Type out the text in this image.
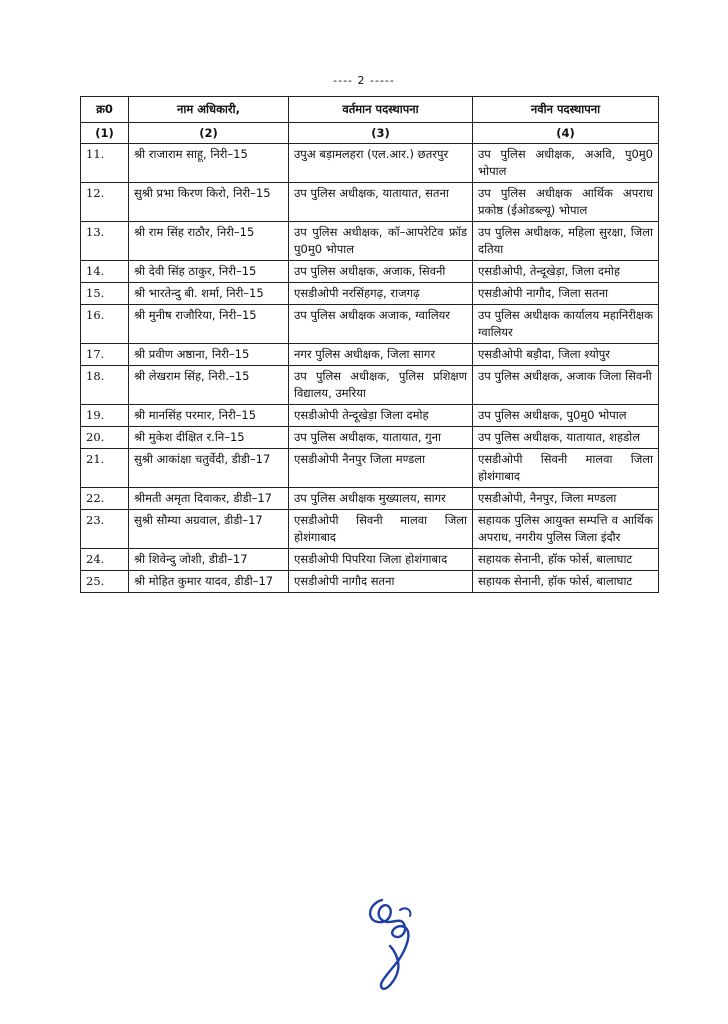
---- 2 -----
क्र0	नाम अधिकारी,	वर्तमान पदस्थापना	नवीन पदस्थापना
(1)	(2)	(3)	(4)
11.	श्री राजाराम साहू, निरी–15	उपुअ बड़ामलहरा (एल.आर.) छतरपुर	उप पुलिस अधीक्षक, अअवि, पु0मु0 भोपाल
12.	सुश्री प्रभा किरण किरो, निरी–15	उप पुलिस अधीक्षक, यातायात, सतना	उप पुलिस अधीक्षक आर्थिक अपराध प्रकोष्ठ (ईओडब्ल्यू) भोपाल
13.	श्री राम सिंह राठौर, निरी–15	उप पुलिस अधीक्षक, कॉ–आपरेटिव फ्रॉड पु0मु0 भोपाल	उप पुलिस अधीक्षक, महिला सुरक्षा, जिला दतिया
14.	श्री देवी सिंह ठाकुर, निरी–15	उप पुलिस अधीक्षक, अजाक, सिवनी	एसडीओपी, तेन्दूखेड़ा, जिला दमोह
15.	श्री भारतेन्दु बी. शर्मा, निरी–15	एसडीओपी नरसिंहगढ़, राजगढ़	एसडीओपी नागौद, जिला सतना
16.	श्री मुनीष राजौरिया, निरी–15	उप पुलिस अधीक्षक अजाक, ग्वालियर	उप पुलिस अधीक्षक कार्यालय महानिरीक्षक ग्वालियर
17.	श्री प्रवीण अष्ठाना, निरी–15	नगर पुलिस अधीक्षक, जिला सागर	एसडीओपी बड़ौदा, जिला श्योपुर
18.	श्री लेखराम सिंह, निरी.–15	उप पुलिस अधीक्षक, पुलिस प्रशिक्षण विद्यालय, उमरिया	उप पुलिस अधीक्षक, अजाक जिला सिवनी
19.	श्री मानसिंह परमार, निरी–15	एसडीओपी तेन्दूखेड़ा जिला दमोह	उप पुलिस अधीक्षक, पु0मु0 भोपाल
20.	श्री मुकेश दीक्षित र.नि–15	उप पुलिस अधीक्षक, यातायात, गुना	उप पुलिस अधीक्षक, यातायात, शहडोल
21.	सुश्री आकांक्षा चतुर्वेदी, डीडी–17	एसडीओपी नैनपुर जिला मण्डला	एसडीओपी सिवनी मालवा जिला होशंगाबाद
22.	श्रीमती अमृता दिवाकर, डीडी–17	उप पुलिस अधीक्षक मुख्यालय, सागर	एसडीओपी, नैनपुर, जिला मण्डला
23.	सुश्री सौम्या अग्रवाल, डीडी–17	एसडीओपी सिवनी मालवा जिला होशंगाबाद	सहायक पुलिस आयुक्त सम्पत्ति व आर्थिक अपराध, नगरीय पुलिस जिला इंदौर
24.	श्री शिवेन्दु जोशी, डीडी–17	एसडीओपी पिपरिया जिला होशंगाबाद	सहायक सेनानी, हॉक फोर्स, बालाघाट
25.	श्री मोहित कुमार यादव, डीडी–17	एसडीओपी नागौद सतना	सहायक सेनानी, हॉक फोर्स, बालाघाट
